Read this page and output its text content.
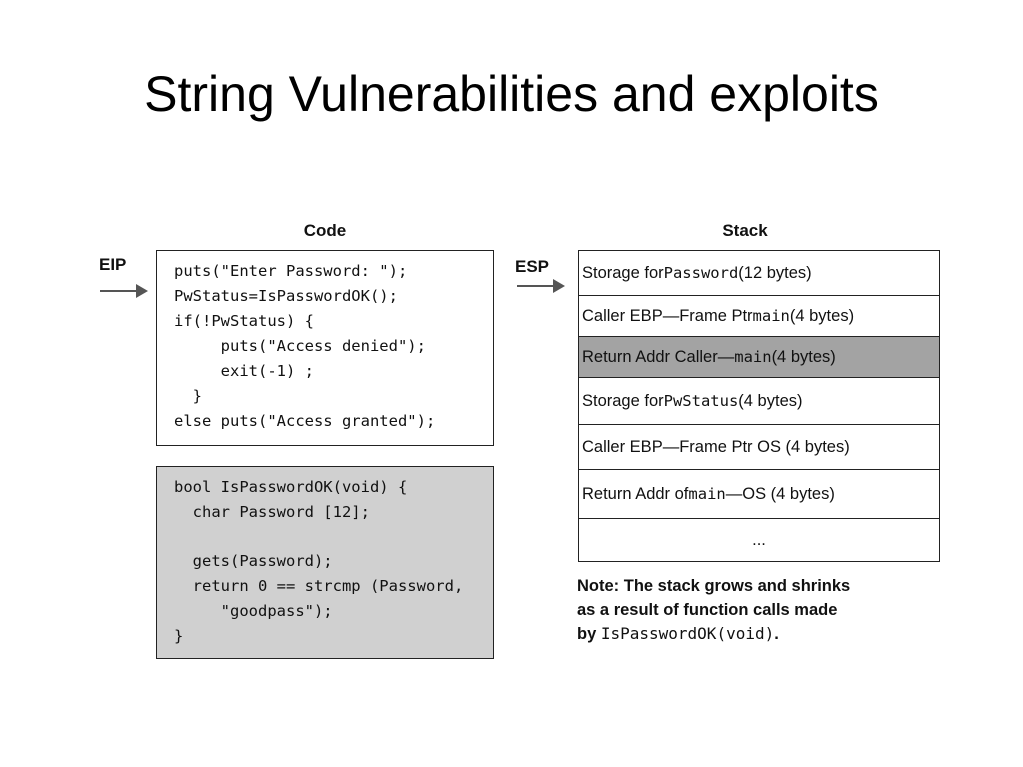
String Vulnerabilities and exploits
Code	Stack
EIP	ESP
puts("Enter Password: ");
PwStatus=IsPasswordOK();
if(!PwStatus) {
puts("Access denied");
exit(-1) ;
}
else puts("Access granted");
bool IsPasswordOK(void) {
char Password [12];
gets(Password);
return 0 == strcmp (Password,
"goodpass");
}
Storage for Password (12 bytes)
Caller EBP—Frame Ptr main (4 bytes)
Return Addr Caller— main (4 bytes)
Storage for PwStatus (4 bytes)
Caller EBP—Frame Ptr OS (4 bytes)
Return Addr of main —OS (4 bytes)
...
Note: The stack grows and shrinks
as a result of function calls made
by IsPasswordOK(void).
